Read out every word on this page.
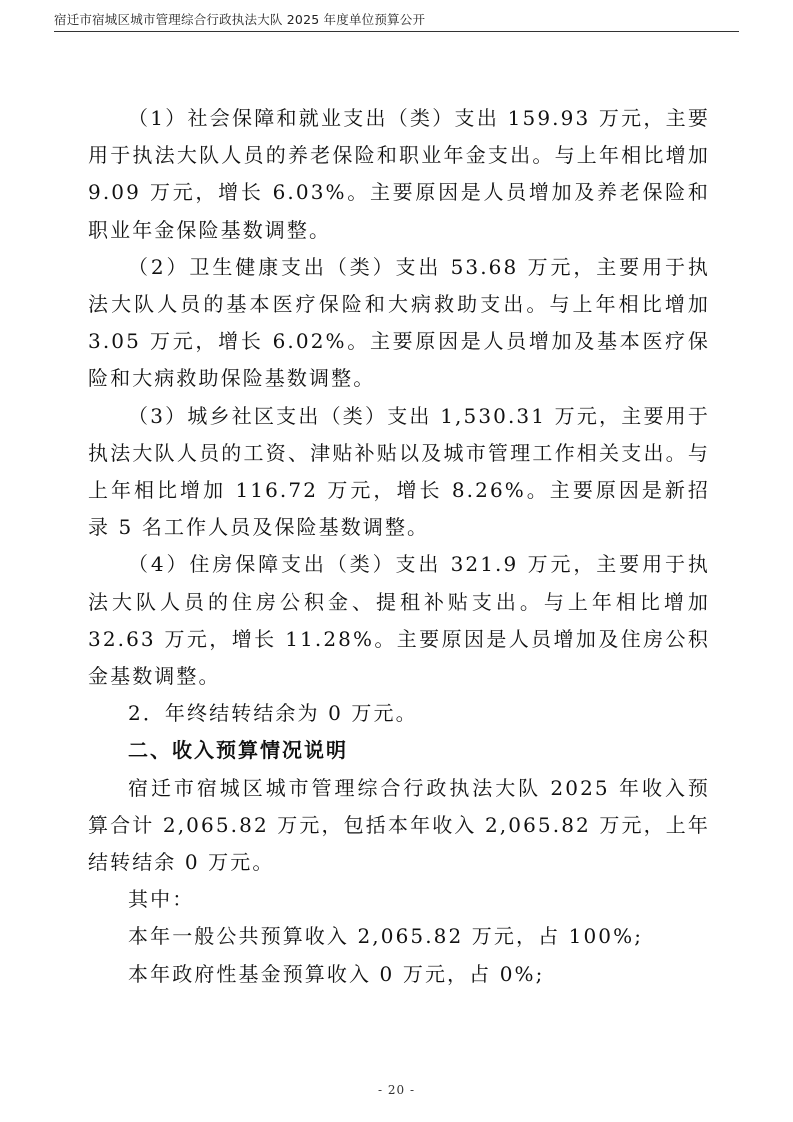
宿迁市宿城区城市管理综合行政执法大队 2025 年度单位预算公开

（1）社会保障和就业支出（类）支出 159.93 万元，主要用于执法大队人员的养老保险和职业年金支出。与上年相比增加 9.09 万元，增长 6.03%。主要原因是人员增加及养老保险和职业年金保险基数调整。

（2）卫生健康支出（类）支出 53.68 万元，主要用于执法大队人员的基本医疗保险和大病救助支出。与上年相比增加 3.05 万元，增长 6.02%。主要原因是人员增加及基本医疗保险和大病救助保险基数调整。

（3）城乡社区支出（类）支出 1,530.31 万元，主要用于执法大队人员的工资、津贴补贴以及城市管理工作相关支出。与上年相比增加 116.72 万元，增长 8.26%。主要原因是新招录 5 名工作人员及保险基数调整。

（4）住房保障支出（类）支出 321.9 万元，主要用于执法大队人员的住房公积金、提租补贴支出。与上年相比增加 32.63 万元，增长 11.28%。主要原因是人员增加及住房公积金基数调整。

2．年终结转结余为 0 万元。

二、收入预算情况说明

宿迁市宿城区城市管理综合行政执法大队 2025 年收入预算合计 2,065.82 万元，包括本年收入 2,065.82 万元，上年结转结余 0 万元。

其中：

本年一般公共预算收入 2,065.82 万元，占 100%;

本年政府性基金预算收入 0 万元，占 0%;

- 20 -
